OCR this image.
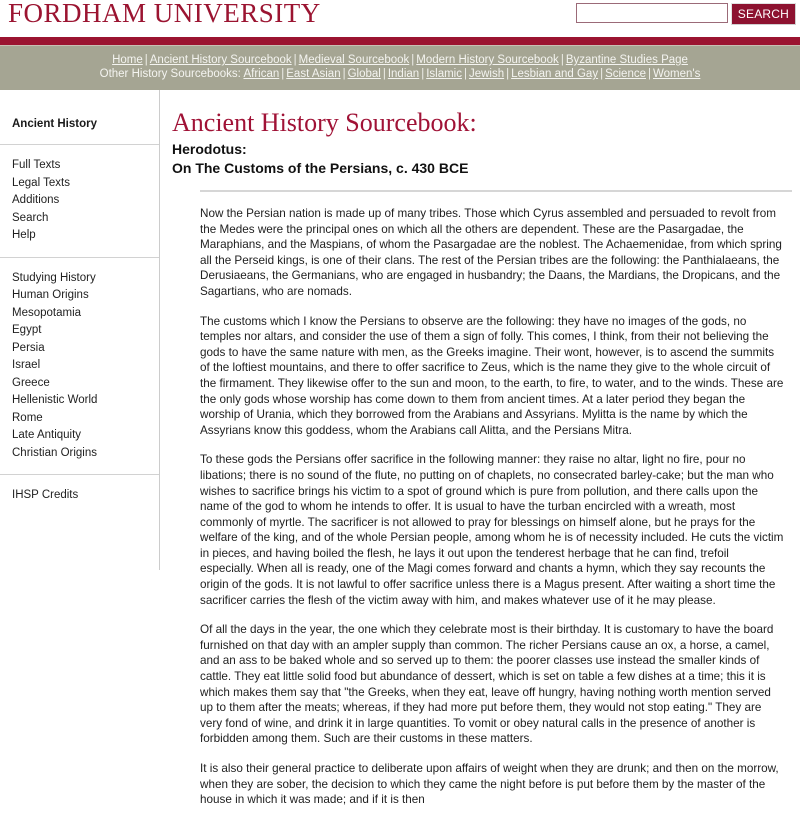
FORDHAM UNIVERSITY	SEARCH
Home | Ancient History Sourcebook | Medieval Sourcebook | Modern History Sourcebook | Byzantine Studies Page
Other History Sourcebooks: African | East Asian | Global | Indian | Islamic | Jewish | Lesbian and Gay | Science | Women's
Ancient History
Full Texts
Legal Texts
Additions
Search
Help
Studying History
Human Origins
Mesopotamia
Egypt
Persia
Israel
Greece
Hellenistic World
Rome
Late Antiquity
Christian Origins
IHSP Credits
Ancient History Sourcebook:
Herodotus:
On The Customs of the Persians, c. 430 BCE

Now the Persian nation is made up of many tribes. Those which Cyrus assembled and persuaded to revolt from the Medes were the principal ones on which all the others are dependent. These are the Pasargadae, the Maraphians, and the Maspians, of whom the Pasargadae are the noblest. The Achaemenidae, from which spring all the Perseid kings, is one of their clans. The rest of the Persian tribes are the following: the Panthialaeans, the Derusiaeans, the Germanians, who are engaged in husbandry; the Daans, the Mardians, the Dropicans, and the Sagartians, who are nomads.

The customs which I know the Persians to observe are the following: they have no images of the gods, no temples nor altars, and consider the use of them a sign of folly. This comes, I think, from their not believing the gods to have the same nature with men, as the Greeks imagine. Their wont, however, is to ascend the summits of the loftiest mountains, and there to offer sacrifice to Zeus, which is the name they give to the whole circuit of the firmament. They likewise offer to the sun and moon, to the earth, to fire, to water, and to the winds. These are the only gods whose worship has come down to them from ancient times. At a later period they began the worship of Urania, which they borrowed from the Arabians and Assyrians. Mylitta is the name by which the Assyrians know this goddess, whom the Arabians call Alitta, and the Persians Mitra.

To these gods the Persians offer sacrifice in the following manner: they raise no altar, light no fire, pour no libations; there is no sound of the flute, no putting on of chaplets, no consecrated barley-cake; but the man who wishes to sacrifice brings his victim to a spot of ground which is pure from pollution, and there calls upon the name of the god to whom he intends to offer. It is usual to have the turban encircled with a wreath, most commonly of myrtle. The sacrificer is not allowed to pray for blessings on himself alone, but he prays for the welfare of the king, and of the whole Persian people, among whom he is of necessity included. He cuts the victim in pieces, and having boiled the flesh, he lays it out upon the tenderest herbage that he can find, trefoil especially. When all is ready, one of the Magi comes forward and chants a hymn, which they say recounts the origin of the gods. It is not lawful to offer sacrifice unless there is a Magus present. After waiting a short time the sacrificer carries the flesh of the victim away with him, and makes whatever use of it he may please.

Of all the days in the year, the one which they celebrate most is their birthday. It is customary to have the board furnished on that day with an ampler supply than common. The richer Persians cause an ox, a horse, a camel, and an ass to be baked whole and so served up to them: the poorer classes use instead the smaller kinds of cattle. They eat little solid food but abundance of dessert, which is set on table a few dishes at a time; this it is which makes them say that "the Greeks, when they eat, leave off hungry, having nothing worth mention served up to them after the meats; whereas, if they had more put before them, they would not stop eating." They are very fond of wine, and drink it in large quantities. To vomit or obey natural calls in the presence of another is forbidden among them. Such are their customs in these matters.

It is also their general practice to deliberate upon affairs of weight when they are drunk; and then on the morrow, when they are sober, the decision to which they came the night before is put before them by the master of the house in which it was made; and if it is then
